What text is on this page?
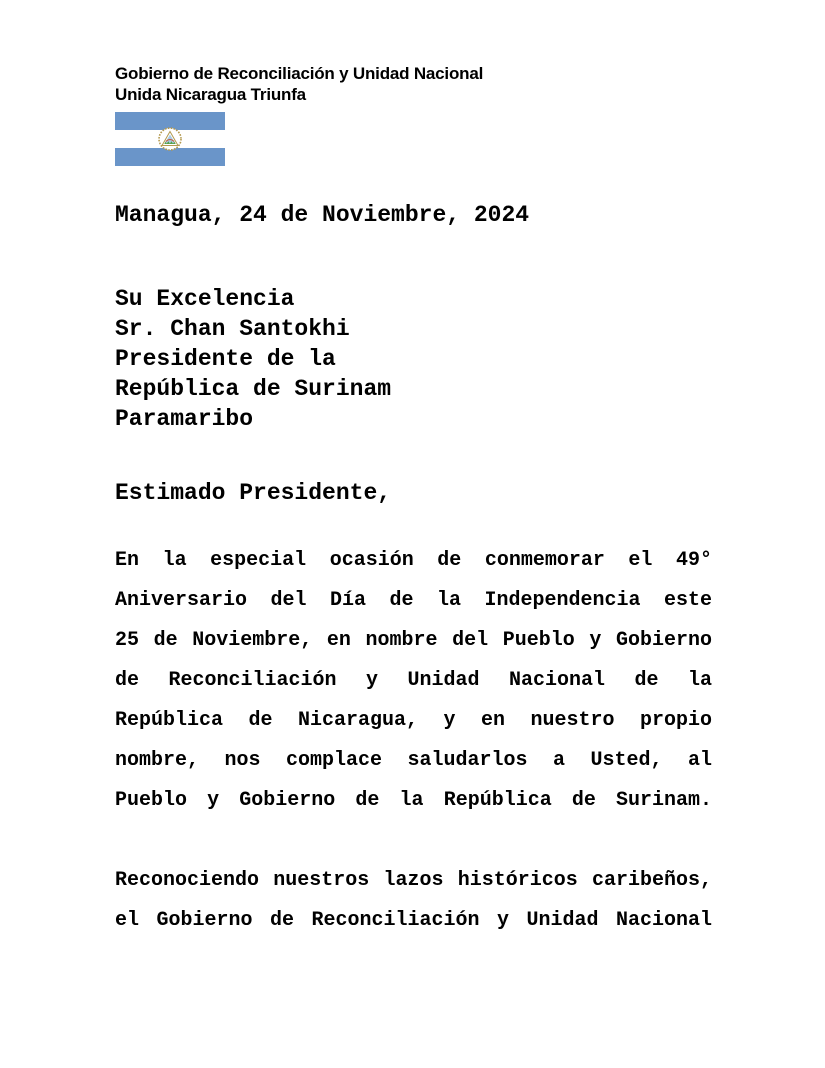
Gobierno de Reconciliación y Unidad Nacional
Unida Nicaragua Triunfa
Managua, 24 de Noviembre, 2024
Su Excelencia
Sr. Chan Santokhi
Presidente de la
República de Surinam
Paramaribo
Estimado Presidente,
En la especial ocasión de conmemorar el 49°
Aniversario del Día de la Independencia este
25 de Noviembre, en nombre del Pueblo y Gobierno
de Reconciliación y Unidad Nacional de la
República de Nicaragua, y en nuestro propio
nombre, nos complace saludarlos a Usted, al
Pueblo y Gobierno de la República de Surinam.
Reconociendo nuestros lazos históricos caribeños,
el Gobierno de Reconciliación y Unidad Nacional
